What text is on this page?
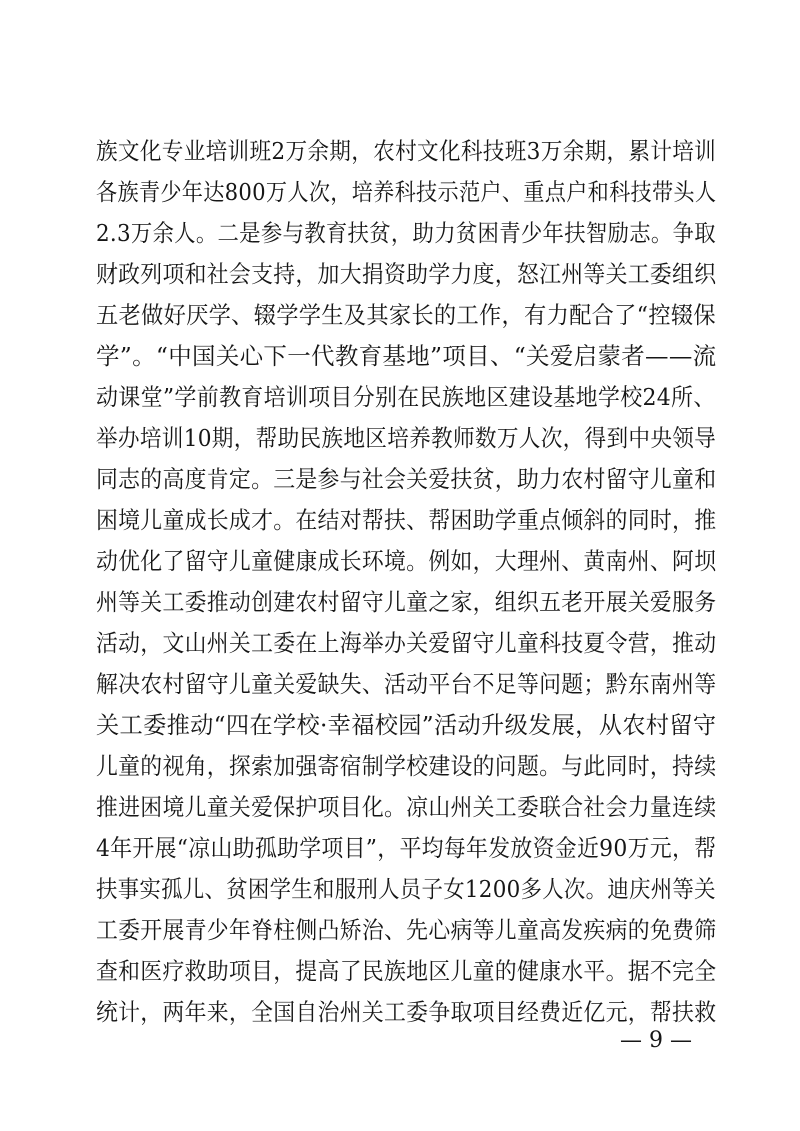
族文化专业培训班2万余期，农村文化科技班3万余期，累计培训
各族青少年达800万人次，培养科技示范户、重点户和科技带头人
2.3万余人。二是参与教育扶贫，助力贫困青少年扶智励志。争取
财政列项和社会支持，加大捐资助学力度，怒江州等关工委组织
五老做好厌学、辍学学生及其家长的工作，有力配合了“控辍保
学”。“中国关心下一代教育基地”项目、“关爱启蒙者——流
动课堂”学前教育培训项目分别在民族地区建设基地学校24所、
举办培训10期，帮助民族地区培养教师数万人次，得到中央领导
同志的高度肯定。三是参与社会关爱扶贫，助力农村留守儿童和
困境儿童成长成才。在结对帮扶、帮困助学重点倾斜的同时，推
动优化了留守儿童健康成长环境。例如，大理州、黄南州、阿坝
州等关工委推动创建农村留守儿童之家，组织五老开展关爱服务
活动，文山州关工委在上海举办关爱留守儿童科技夏令营，推动
解决农村留守儿童关爱缺失、活动平台不足等问题；黔东南州等
关工委推动“四在学校·幸福校园”活动升级发展，从农村留守
儿童的视角，探索加强寄宿制学校建设的问题。与此同时，持续
推进困境儿童关爱保护项目化。凉山州关工委联合社会力量连续
4年开展“凉山助孤助学项目”，平均每年发放资金近90万元，帮
扶事实孤儿、贫困学生和服刑人员子女1200多人次。迪庆州等关
工委开展青少年脊柱侧凸矫治、先心病等儿童高发疾病的免费筛
查和医疗救助项目，提高了民族地区儿童的健康水平。据不完全
统计，两年来，全国自治州关工委争取项目经费近亿元，帮扶救
— 9 —
